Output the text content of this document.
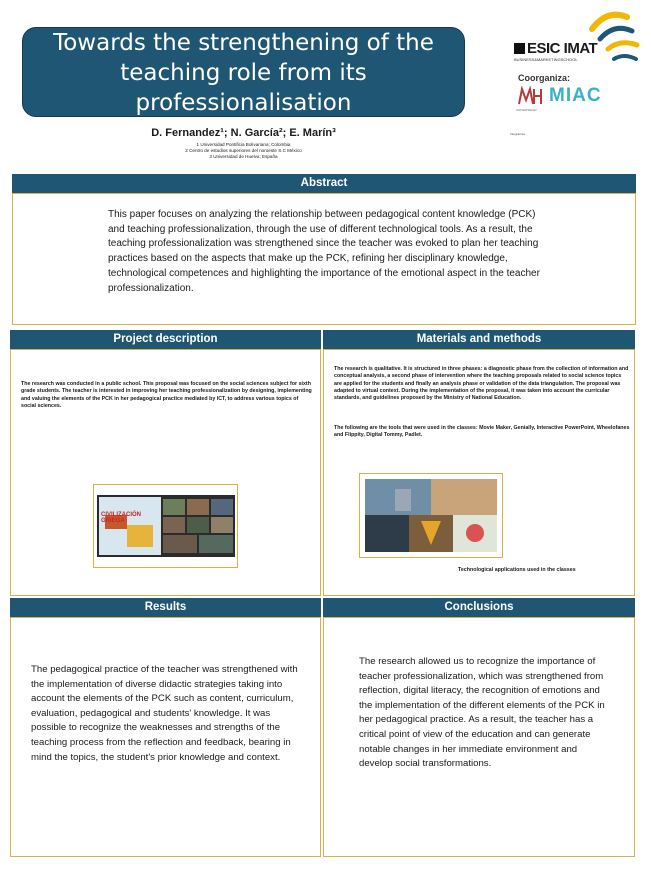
Towards the strengthening of the
teaching role from its
professionalisation
D. Fernandez¹; N. García²; E. Marín³
1 Universidad Pontificia Bolivariana; Colombia
2 Centro de estudios superiores del noroeste S.C México
3 Universidad de Huelva; España
ESIC IMAT
BUSINESS&MARKETINGSCHOOL
Coorganiza:
UNIVERSIDAD
MIAC
Integrantes
Abstract
This paper focuses on analyzing the relationship between pedagogical content knowledge (PCK) and teaching professionalization, through the use of different technological tools. As a result, the teaching professionalization was strengthened since the teacher was evoked to plan her teaching practices based on the aspects that make up the PCK, refining her disciplinary knowledge, technological competences and highlighting the importance of the emotional aspect in the teacher professionalization.
Project description
The research was conducted in a public school. This proposal was focused on the social sciences subject for sixth grade students. The teacher is interested in improving her teaching professionalization by designing, implementing and valuing the elements of the PCK in her pedagogical practice mediated by ICT, to address various topics of social sciences.
CIVILIZACIÓN GRIEGA
Materials and methods
The research is qualitative. It is structured in three phases: a diagnostic phase from the collection of information and conceptual analysis, a second phase of intervention where the teaching proposals related to social science topics are applied for the students and finally an analysis phase or validation of the data triangulation. The proposal was adapted to virtual context. During the implementation of the proposal, it was taken into account the curricular standards, and guidelines proposed by the Ministry of National Education.
The following are the tools that were used in the classes: Movie Maker, Genially, Interactive PowerPoint, Wheelofanes and Flippity, Digital Tommy, Padlet.
Technological applications used in the classes
Results
The pedagogical practice of the teacher was strengthened with the implementation of diverse didactic strategies taking into account the elements of the PCK such as content, curriculum, evaluation, pedagogical and students' knowledge. It was possible to recognize the weaknesses and strengths of the teaching process from the reflection and feedback, bearing in mind the topics, the student's prior knowledge and context.
Conclusions
The research allowed us to recognize the importance of teacher professionalization, which was strengthened from reflection, digital literacy, the recognition of emotions and the implementation of the different elements of the PCK in her pedagogical practice. As a result, the teacher has a critical point of view of the education and can generate notable changes in her immediate environment and develop social transformations.
